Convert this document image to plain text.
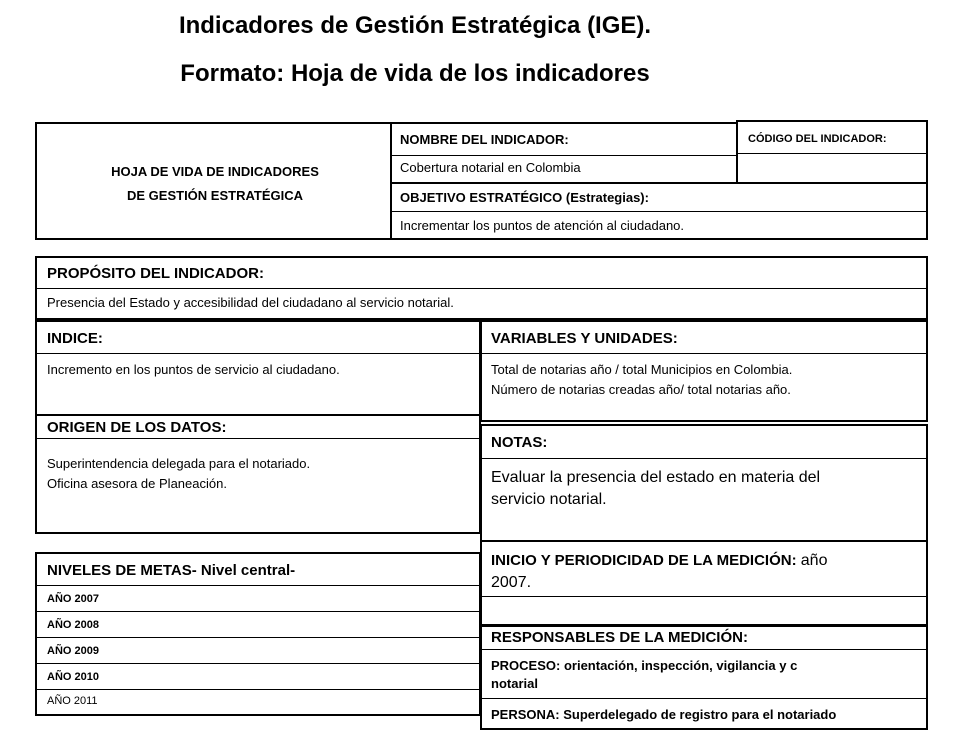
Indicadores de Gestión Estratégica (IGE).
Formato: Hoja de vida de los indicadores
HOJA DE VIDA DE INDICADORES
DE GESTIÓN ESTRATÉGICA
NOMBRE DEL INDICADOR:
Cobertura notarial en Colombia
CÓDIGO DEL INDICADOR:
OBJETIVO ESTRATÉGICO (Estrategias):
Incrementar los puntos de atención al ciudadano.
PROPÓSITO DEL INDICADOR:
Presencia del Estado y accesibilidad del ciudadano al servicio notarial.
INDICE:
Incremento en los puntos de servicio al ciudadano.
VARIABLES Y UNIDADES:
Total de notarias año / total Municipios en Colombia.
Número de notarias creadas año/ total notarias año.
ORIGEN DE LOS DATOS:
Superintendencia delegada para el notariado.
Oficina asesora de Planeación.
NOTAS:
Evaluar la presencia del estado en materia del
servicio notarial.
NIVELES DE METAS- Nivel central-
AÑO 2007
AÑO 2008
AÑO 2009
AÑO 2010
AÑO 2011
INICIO Y PERIODICIDAD DE LA MEDICIÓN: año
2007.
RESPONSABLES DE LA MEDICIÓN:
PROCESO: orientación, inspección, vigilancia y c
notarial
PERSONA: Superdelegado de registro para el notariado
